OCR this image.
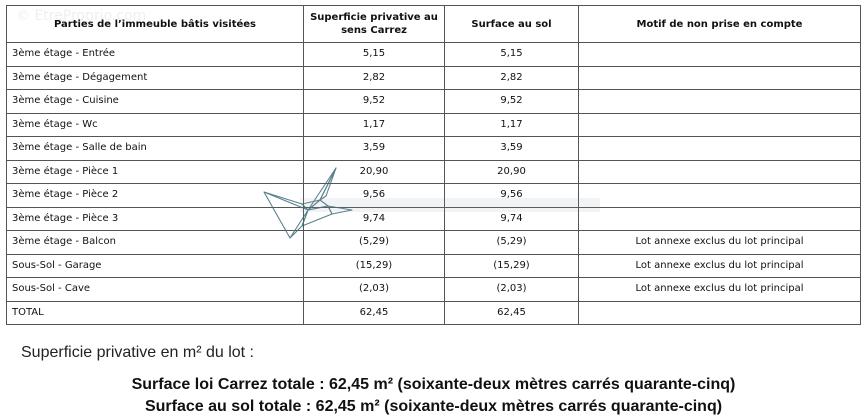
© EtreProprio.com
Parties de l’immeuble bâtis visitées	Superficie privative au sens Carrez	Surface au sol	Motif de non prise en compte
3ème étage - Entrée	5,15	5,15	
3ème étage - Dégagement	2,82	2,82	
3ème étage - Cuisine	9,52	9,52	
3ème étage - Wc	1,17	1,17	
3ème étage - Salle de bain	3,59	3,59	
3ème étage - Pièce 1	20,90	20,90	
3ème étage - Pièce 2	9,56	9,56	
3ème étage - Pièce 3	9,74	9,74	
3ème étage - Balcon	(5,29)	(5,29)	Lot annexe exclus du lot principal
Sous-Sol - Garage	(15,29)	(15,29)	Lot annexe exclus du lot principal
Sous-Sol - Cave	(2,03)	(2,03)	Lot annexe exclus du lot principal
TOTAL	62,45	62,45	
Superficie privative en m² du lot :
Surface loi Carrez totale : 62,45 m² (soixante-deux mètres carrés quarante-cinq)
Surface au sol totale : 62,45 m² (soixante-deux mètres carrés quarante-cinq)
